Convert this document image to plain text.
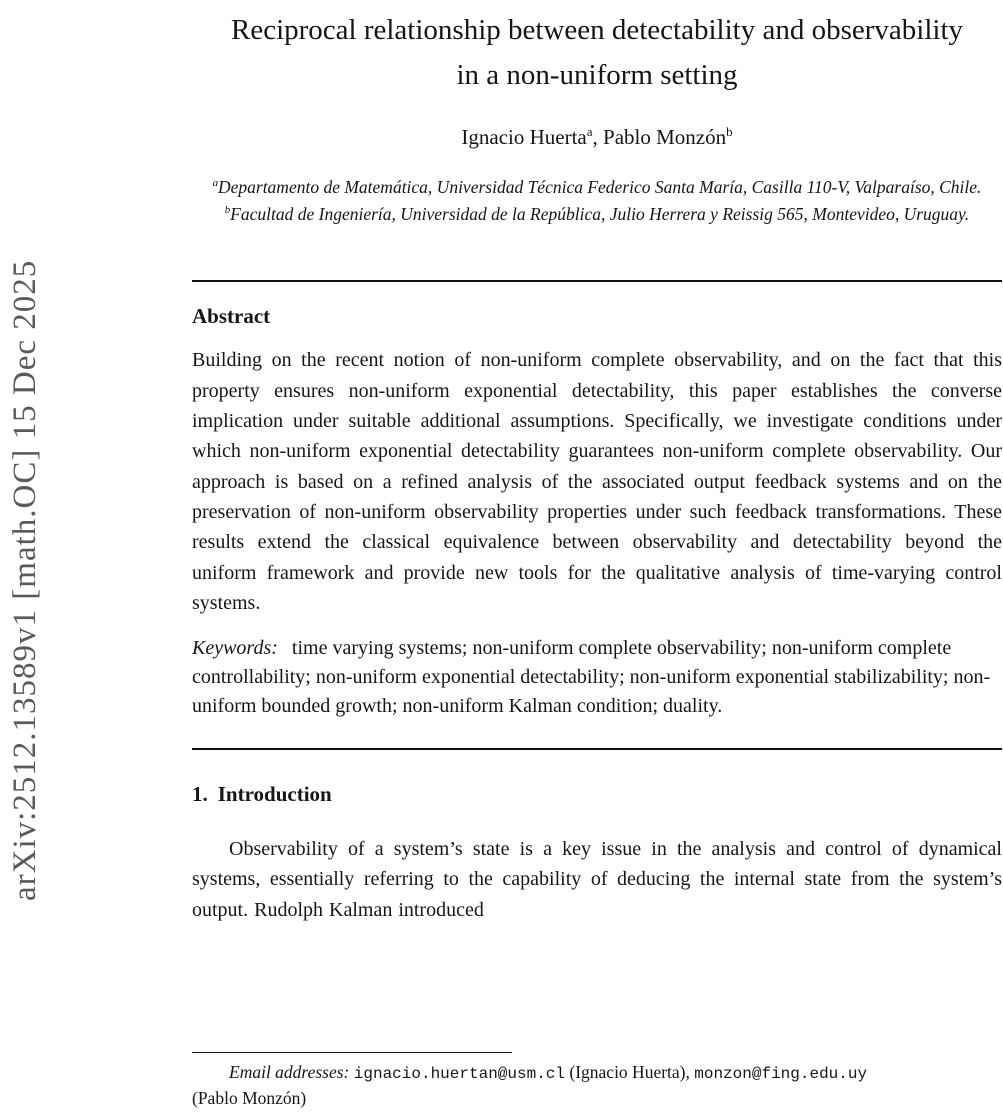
arXiv:2512.13589v1 [math.OC] 15 Dec 2025
Reciprocal relationship between detectability and observability in a non-uniform setting
Ignacio Huerta$^a$, Pablo Monzón$^b$
$^a$Departamento de Matemática, Universidad Técnica Federico Santa María, Casilla 110-V, Valparaíso, Chile.
$^b$Facultad de Ingeniería, Universidad de la República, Julio Herrera y Reissig 565, Montevideo, Uruguay.
Abstract

Building on the recent notion of non-uniform complete observability, and on the fact that this property ensures non-uniform exponential detectability, this paper establishes the converse implication under suitable additional assumptions. Specifically, we investigate conditions under which non-uniform exponential detectability guarantees non-uniform complete observability. Our approach is based on a refined analysis of the associated output feedback systems and on the preservation of non-uniform observability properties under such feedback transformations. These results extend the classical equivalence between observability and detectability beyond the uniform framework and provide new tools for the qualitative analysis of time-varying control systems.

Keywords: time varying systems; non-uniform complete observability; non-uniform complete controllability; non-uniform exponential detectability; non-uniform exponential stabilizability; non-uniform bounded growth; non-uniform Kalman condition; duality.

1. Introduction

Observability of a system’s state is a key issue in the analysis and control of dynamical systems, essentially referring to the capability of deducing the internal state from the system’s output. Rudolph Kalman introduced

Email addresses: ignacio.huertan@usm.cl (Ignacio Huerta), monzon@fing.edu.uy
(Pablo Monzón)
